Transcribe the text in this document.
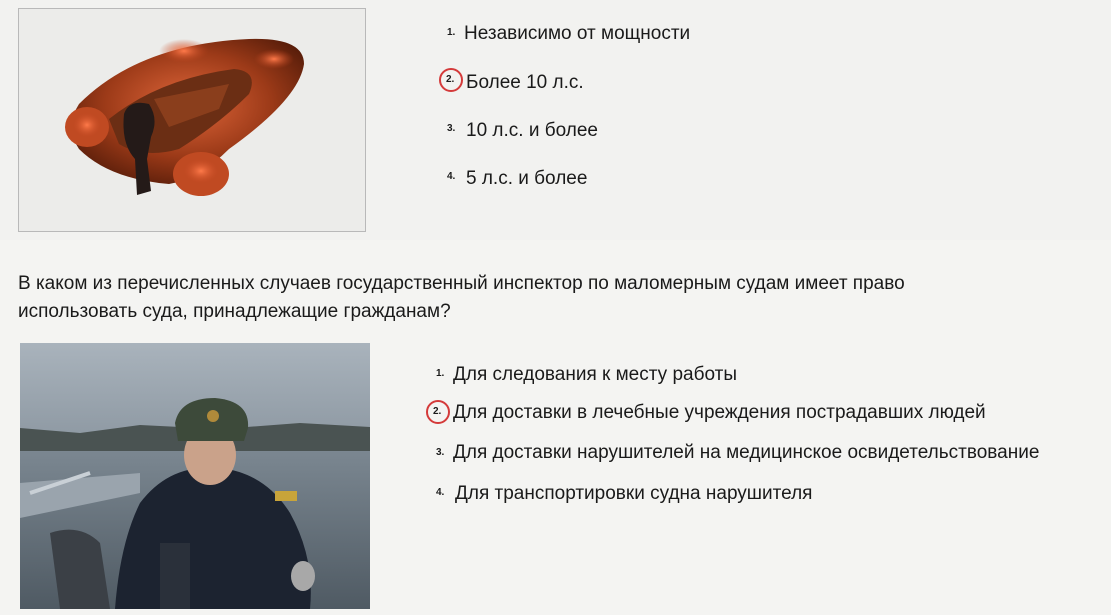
1. Независимо от мощности
2. Более 10 л.с.
3. 10 л.с. и более
4. 5 л.с. и более
В каком из перечисленных случаев государственный инспектор по маломерным судам имеет право использовать суда, принадлежащие гражданам?
1. Для следования к месту работы
2. Для доставки в лечебные учреждения пострадавших людей
3. Для доставки нарушителей на медицинское освидетельствование
4. Для транспортировки судна нарушителя
